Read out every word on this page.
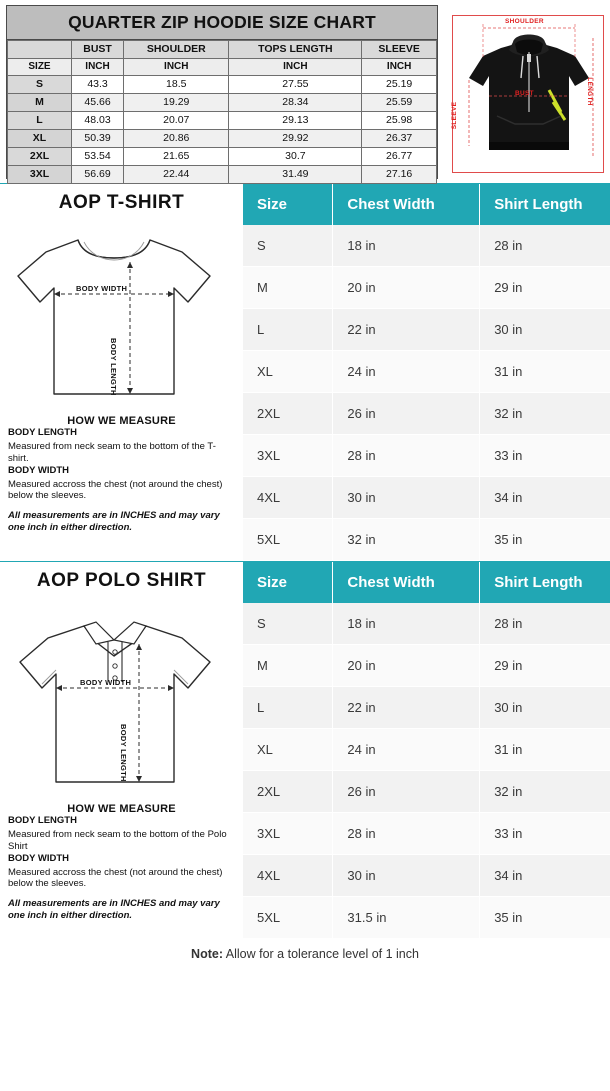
QUARTER ZIP HOODIE SIZE CHART
	BUST	SHOULDER	TOPS LENGTH	SLEEVE
SIZE	INCH	INCH	INCH	INCH
S	43.3	18.5	27.55	25.19
M	45.66	19.29	28.34	25.59
L	48.03	20.07	29.13	25.98
XL	50.39	20.86	29.92	26.37
2XL	53.54	21.65	30.7	26.77
3XL	56.69	22.44	31.49	27.16
SHOULDER
LENGTH
SLEEVE
BUST
AOP T-SHIRT
BODY WIDTH
BODY LENGTH
HOW WE MEASURE
BODY LENGTH

Measured from neck seam to the bottom of the T-shirt.

BODY WIDTH

Measured accross the chest (not around the chest) below the sleeves.

All measurements are in INCHES and may vary one inch in either direction.

Size	Chest Width	Shirt Length
S	18 in	28 in
M	20 in	29 in
L	22 in	30 in
XL	24 in	31 in
2XL	26 in	32 in
3XL	28 in	33 in
4XL	30 in	34 in
5XL	32 in	35 in
AOP POLO SHIRT
BODY WIDTH
BODY LENGTH
HOW WE MEASURE
BODY LENGTH

Measured from neck seam to the bottom of the Polo Shirt

BODY WIDTH

Measured accross the chest (not around the chest) below the sleeves.

All measurements are in INCHES and may vary one inch in either direction.

Size	Chest Width	Shirt Length
S	18 in	28 in
M	20 in	29 in
L	22 in	30 in
XL	24 in	31 in
2XL	26 in	32 in
3XL	28 in	33 in
4XL	30 in	34 in
5XL	31.5 in	35 in
Note: Allow for a tolerance level of 1 inch
